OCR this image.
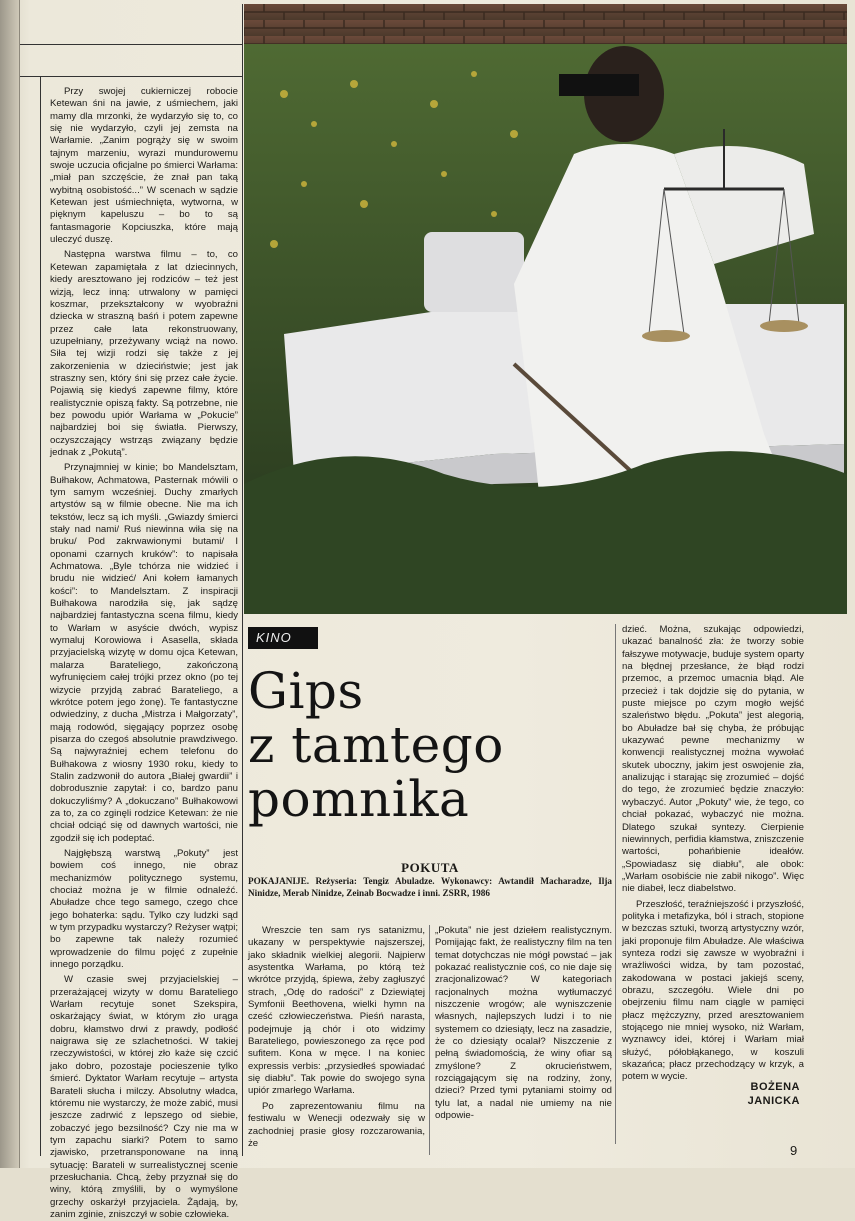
Przy swojej cukierniczej robocie Ketewan śni na jawie, z uśmiechem, jaki mamy dla mrzonki, że wydarzyło się to, co się nie wydarzyło, czyli jej zemsta na Warłamie. „Zanim pogrąży się w swoim tajnym marzeniu, wyrazi mundurowemu swoje uczucia oficjalne po śmierci Warłama: „miał pan szczęście, że znał pan taką wybitną osobistość...” W scenach w sądzie Ketewan jest uśmiechnięta, wytworna, w pięknym kapeluszu – bo to są fantasmagorie Kopciuszka, które mają uleczyć duszę.

Następna warstwa filmu – to, co Ketewan zapamiętała z lat dziecinnych, kiedy aresztowano jej rodziców – też jest wizją, lecz inną: utrwalony w pamięci koszmar, przekształcony w wyobraźni dziecka w straszną baśń i potem zapewne przez całe lata rekonstruowany, uzupełniany, przeżywany wciąż na nowo. Siła tej wizji rodzi się także z jej zakorzenienia w dzieciństwie; jest jak straszny sen, który śni się przez całe życie. Pojawią się kiedyś zapewne filmy, które realistycznie opiszą fakty. Są potrzebne, nie bez powodu upiór Warłama w „Pokucie” najbardziej boi się światła. Pierwszy, oczyszczający wstrząs związany będzie jednak z „Pokutą”.

Przynajmniej w kinie; bo Mandelsztam, Bułhakow, Achmatowa, Pasternak mówili o tym samym wcześniej. Duchy zmarłych artystów są w filmie obecne. Nie ma ich tekstów, lecz są ich myśli. „Gwiazdy śmierci stały nad nami/ Ruś niewinna wiła się na bruku/ Pod zakrwawionymi butami/ I oponami czarnych kruków”: to napisała Achmatowa. „Byle tchórza nie widzieć i brudu nie widzieć/ Ani kołem łamanych kości”: to Mandelsztam. Z inspiracji Bułhakowa narodziła się, jak sądzę najbardziej fantastyczna scena filmu, kiedy to Warłam w asyście dwóch, wypisz wymaluj Korowiowa i Asasella, składa przyjacielską wizytę w domu ojca Ketewan, malarza Barateliego, zakończoną wyfrunięciem całej trójki przez okno (po tej wizycie przyjdą zabrać Barateliego, a wkrótce potem jego żonę). Te fantastyczne odwiedziny, z ducha „Mistrza i Małgorzaty”, mają rodowód, sięgający poprzez osobę pisarza do czegoś absolutnie prawdziwego. Są najwyraźniej echem telefonu do Bułhakowa z wiosny 1930 roku, kiedy to Stalin zadzwonił do autora „Białej gwardii” i dobrodusznie zapytał: i co, bardzo panu dokuczyliśmy? A „dokuczano” Bułhakowowi za to, za co zginęli rodzice Ketewan: że nie chciał odciąć się od dawnych wartości, nie zgodził się ich podeptać.

Najgłębszą warstwą „Pokuty” jest bowiem coś innego, nie obraz mechanizmów politycznego systemu, chociaż można je w filmie odnaleźć. Abuładze chce tego samego, czego chce jego bohaterka: sądu. Tylko czy ludzki sąd w tym przypadku wystarczy? Reżyser wątpi; bo zapewne tak należy rozumieć wprowadzenie do filmu pojęć z zupełnie innego porządku.

W czasie swej przyjacielskiej – przerażającej wizyty w domu Barateliego Warłam recytuje sonet Szekspira, oskarżający świat, w którym zło urąga dobru, kłamstwo drwi z prawdy, podłość naigrawa się ze szlachetności. W takiej rzeczywistości, w której zło każe się czcić jako dobro, pozostaje pocieszenie tylko śmierć. Dyktator Warłam recytuje – artysta Barateli słucha i milczy. Absolutny władca, któremu nie wystarczy, że może zabić, musi jeszcze zadrwić z lepszego od siebie, zobaczyć jego bezsilność? Czy nie ma w tym zapachu siarki? Potem to samo zjawisko, przetransponowane na inną sytuację: Barateli w surrealistycznej scenie przesłuchania. Chcą, żeby przyznał się do winy, którą zmyślili, by o wymyślone grzechy oskarżył przyjaciela. Żądają, by, zanim zginie, zniszczył w sobie człowieka.

KINO
Gips
z tamtego
pomnika
POKUTA
POKAJANIJE. Reżyseria: Tengiz Abuladze. Wykonawcy: Awtandił Macharadze, Ilja Ninidze, Merab Ninidze, Zeinab Bocwadze i inni. ZSRR, 1986

Wreszcie ten sam rys satanizmu, ukazany w perspektywie najszerszej, jako składnik wielkiej alegorii. Najpierw asystentka Warłama, po którą też wkrótce przyjdą, śpiewa, żeby zagłuszyć strach, „Odę do radości” z Dziewiątej Symfonii Beethovena, wielki hymn na cześć człowieczeństwa. Pieśń narasta, podejmuje ją chór i oto widzimy Barateliego, powieszonego za ręce pod sufitem. Kona w męce. I na koniec expressis verbis: „przysiedłeś spowiadać się diabłu”. Tak powie do swojego syna upiór zmarłego Warłama.

Po zaprezentowaniu filmu na festiwalu w Wenecji odezwały się w zachodniej prasie głosy rozczarowania, że

„Pokuta” nie jest dziełem realistycznym. Pomijając fakt, że realistyczny film na ten temat dotychczas nie mógł powstać – jak pokazać realistycznie coś, co nie daje się zracjonalizować? W kategoriach racjonalnych można wytłumaczyć niszczenie wrogów; ale wyniszczenie własnych, najlepszych ludzi i to nie systemem co dziesiąty, lecz na zasadzie, że co dziesiąty ocalał? Niszczenie z pełną świadomością, że winy ofiar są zmyślone? Z okrucieństwem, rozciągającym się na rodziny, żony, dzieci? Przed tymi pytaniami stoimy od tylu lat, a nadal nie umiemy na nie odpowie-

dzieć. Można, szukając odpowiedzi, ukazać banalność zła: że tworzy sobie fałszywe motywacje, buduje system oparty na błędnej przesłance, że błąd rodzi przemoc, a przemoc umacnia błąd. Ale przecież i tak dojdzie się do pytania, w puste miejsce po czym mogło wejść szaleństwo błędu. „Pokuta” jest alegorią, bo Abuładze bał się chyba, że próbując ukazywać pewne mechanizmy w konwencji realistycznej można wywołać skutek uboczny, jakim jest oswojenie zła, analizując i starając się zrozumieć – dojść do tego, że zrozumieć będzie znaczyło: wybaczyć. Autor „Pokuty” wie, że tego, co chciał pokazać, wybaczyć nie można. Dlatego szukał syntezy. Cierpienie niewinnych, perfidia kłamstwa, zniszczenie wartości, pohańbienie ideałów. „Spowiadasz się diabłu”, ale obok: „Warłam osobiście nie zabił nikogo”. Więc nie diabeł, lecz diabelstwo.

Przeszłość, teraźniejszość i przyszłość, polityka i metafizyka, ból i strach, stopione w bezczas sztuki, tworzą artystyczny wzór, jaki proponuje film Abuładze. Ale właściwa synteza rodzi się zawsze w wyobraźni i wrażliwości widza, by tam pozostać, zakodowana w postaci jakiejś sceny, obrazu, szczegółu. Wiele dni po obejrzeniu filmu nam ciągle w pamięci płacz mężczyzny, przed aresztowaniem stojącego nie mniej wysoko, niż Warłam, wyznawcy idei, której i Warłam miał służyć, półobłąkanego, w koszuli skazańca; płacz przechodzący w krzyk, a potem w wycie.

BOŻENA
JANICKA
9
